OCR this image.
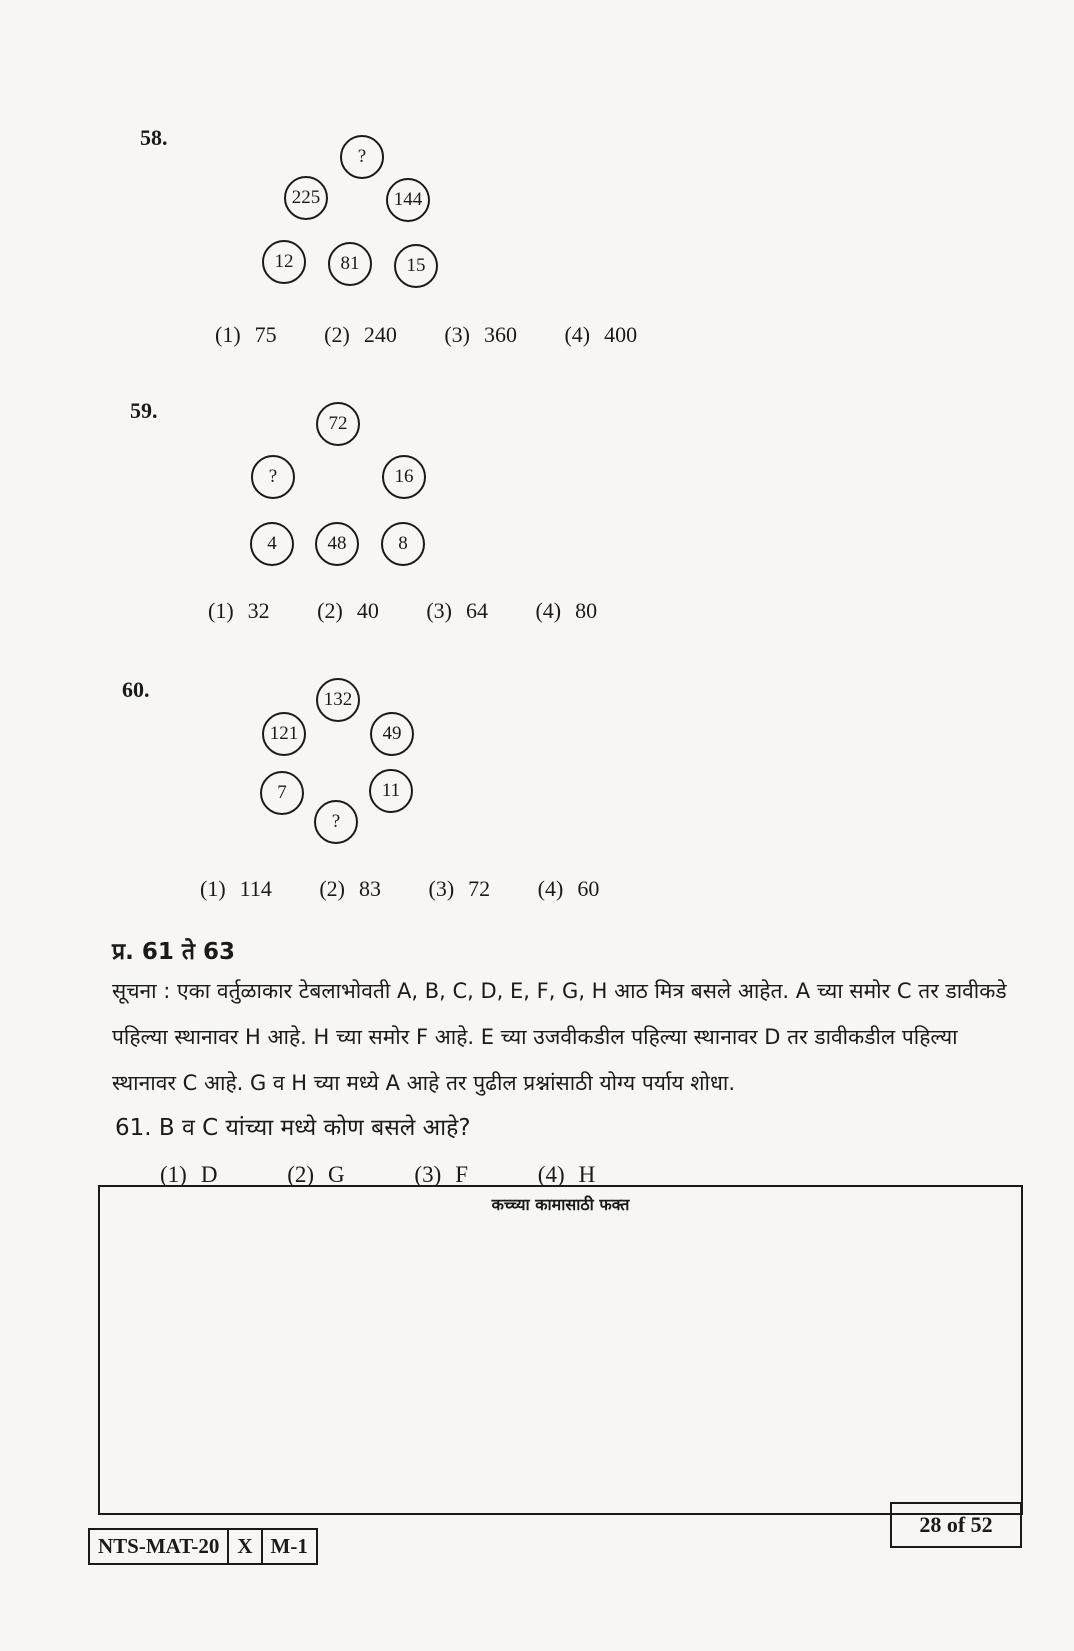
58.
?
225	144
12	81	15
(1) 75 (2) 240 (3) 360 (4) 400
59.
72
?	16
4	48	8
(1) 32 (2) 40 (3) 64 (4) 80
60.	132
121	49
7	11
?
(1) 114 (2) 83 (3) 72 (4) 60
प्र. 61 ते 63
सूचना : एका वर्तुळाकार टेबलाभोवती A, B, C, D, E, F, G, H आठ मित्र बसले आहेत. A च्या समोर C तर डावीकडे पहिल्या स्थानावर H आहे. H च्या समोर F आहे. E च्या उजवीकडील पहिल्या स्थानावर D तर डावीकडील पहिल्या स्थानावर C आहे. G व H च्या मध्ये A आहे तर पुढील प्रश्नांसाठी योग्य पर्याय शोधा.
61. B व C यांच्या मध्ये कोण बसले आहे?
(1) D	(2) G	(3) F	(4) H
कच्च्या कामासाठी फक्त
NTS-MAT-20 X M-1
28 of 52
